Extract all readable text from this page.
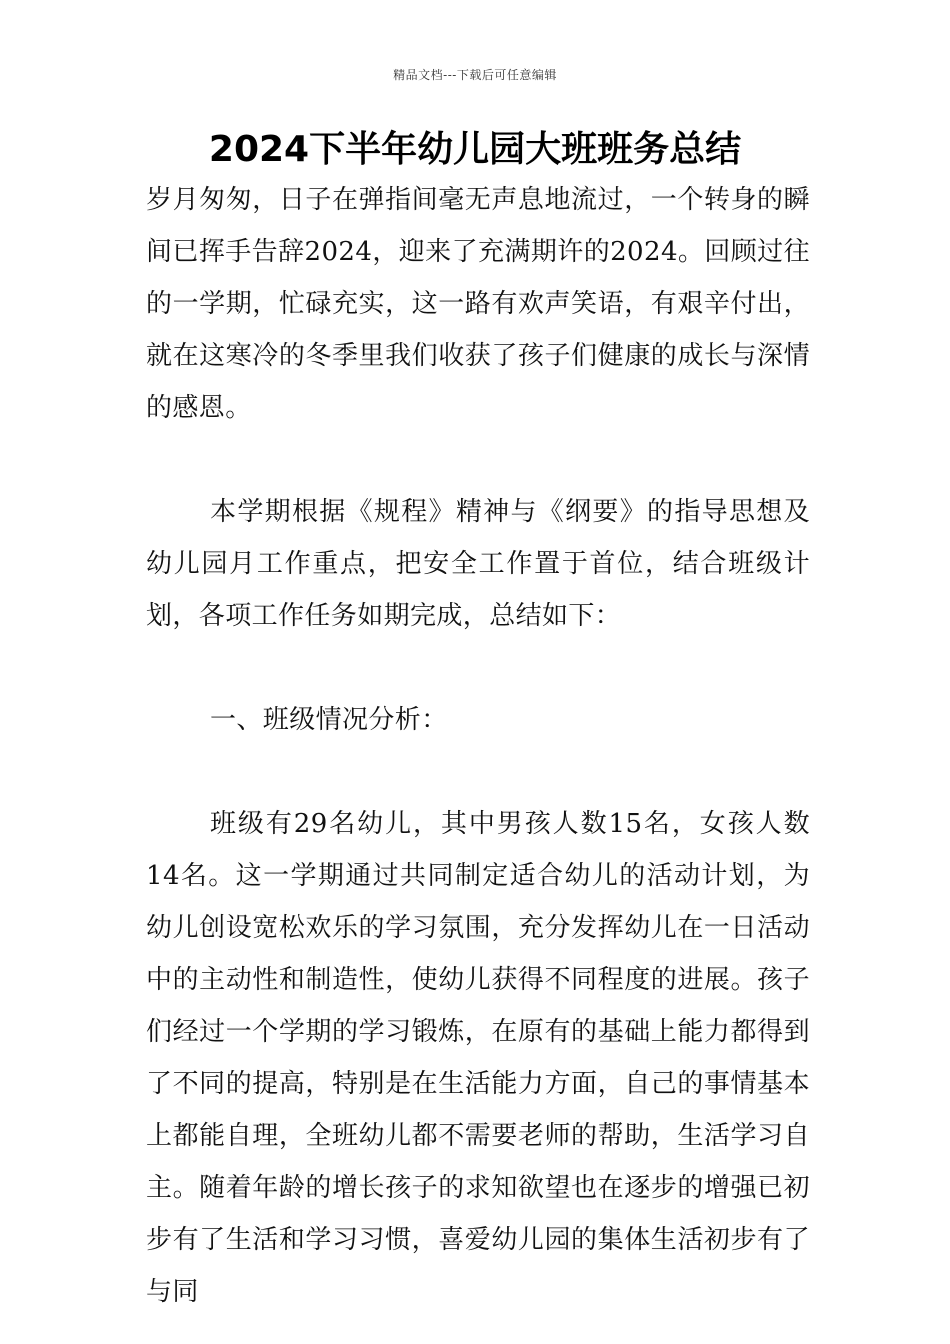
精品文档---下载后可任意编辑
2024下半年幼儿园大班班务总结

岁月匆匆，日子在弹指间毫无声息地流过，一个转身的瞬间已挥手告辞2024，迎来了充满期许的2024。回顾过往的一学期，忙碌充实，这一路有欢声笑语，有艰辛付出，就在这寒冷的冬季里我们收获了孩子们健康的成长与深情的感恩。

本学期根据《规程》精神与《纲要》的指导思想及幼儿园月工作重点，把安全工作置于首位，结合班级计划，各项工作任务如期完成，总结如下：

一、班级情况分析：

班级有29名幼儿，其中男孩人数15名，女孩人数14名。这一学期通过共同制定适合幼儿的活动计划，为幼儿创设宽松欢乐的学习氛围，充分发挥幼儿在一日活动中的主动性和制造性，使幼儿获得不同程度的进展。孩子们经过一个学期的学习锻炼，在原有的基础上能力都得到了不同的提高，特别是在生活能力方面，自己的事情基本上都能自理，全班幼儿都不需要老师的帮助，生活学习自主。随着年龄的增长孩子的求知欲望也在逐步的增强已初步有了生活和学习习惯，喜爱幼儿园的集体生活初步有了与同
